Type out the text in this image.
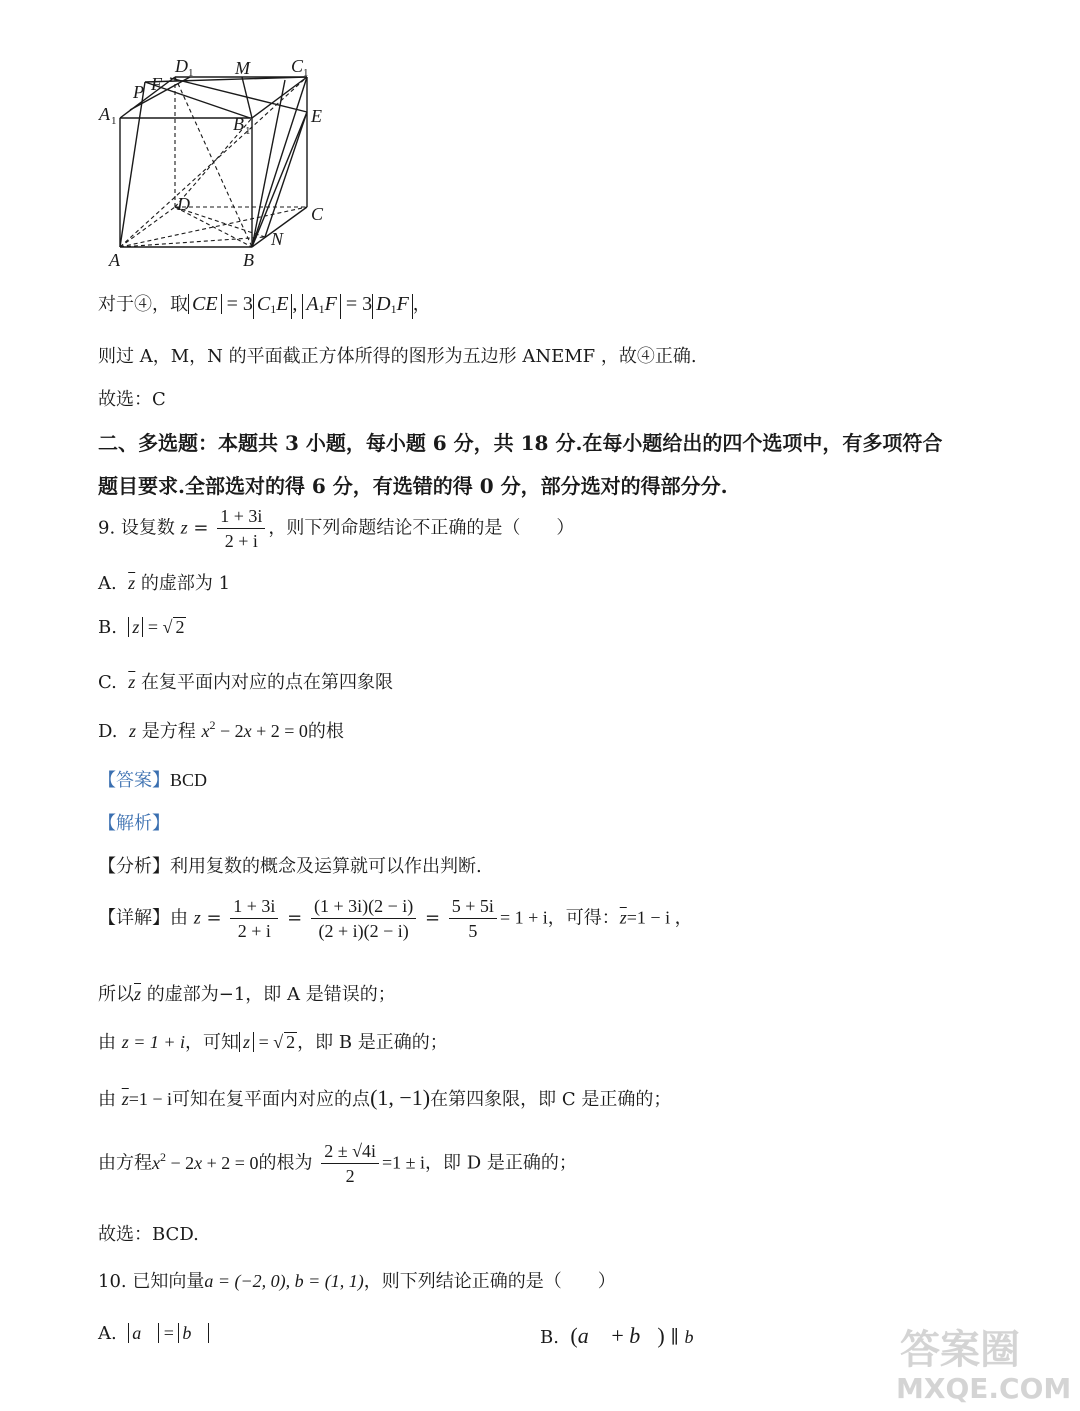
A 1
P F
D 1 M C 1
B 1
E
D	C
N
A	B
对于④，取 CE = 3 $C_1E$ , $A_1F = 3$ $D_1F$ ，
则过 A，M，N 的平面截正方体所得的图形为五边形 ANEMF ，故④正确.
故选：C
二、多选题：本题共 3 小题，每小题 6 分，共 18 分.在每小题给出的四个选项中，有多项符合
题目要求.全部选对的得 6 分，有选错的得 0 分，部分选对的得部分分.
9. 设复数 $z = \frac{1 + 3i}{2 + i}$ ，则下列命题结论不正确的是（　　）
A.  $\overline{z}$ 的虚部为 1
B.  z = √ 2
C.  $\overline{z}$ 在复平面内对应的点在第四象限
D.  z 是方程 $x^2 - 2x + 2 = 0$的根
【答案】BCD
【解析】
【分析】利用复数的概念及运算就可以作出判断.
【详解】由 $z = \frac{1 + 3i}{2 + i} = \frac{(1 + 3i)(2 - i)}{(2 + i)(2 - i)} = \frac{5 + 5i}{5} = 1 + i$，可得：$\overline{z}=1 - i$ ，
所以$\overline{z}$ 的虚部为−1，即 A 是错误的；
由 z = 1 + i，可知 z = √ 2 ，即 B 是正确的；
由 $\overline{z}=1 - i$可知在复平面内对应的点(1, −1)在第四象限，即 C 是正确的；
由方程$x^2 - 2x + 2 = 0$的根为 $\frac{2 \pm √4i}{2} =1 \pm i$，即 D 是正确的；
故选：BCD.
10. 已知向量a = (−2, 0), b = (1, 1)，则下列结论正确的是（　　）
A. a⃗ = b⃗	B. (a⃗ + b⃗) ∥ b⃗	答案圈
MXQE.COM
